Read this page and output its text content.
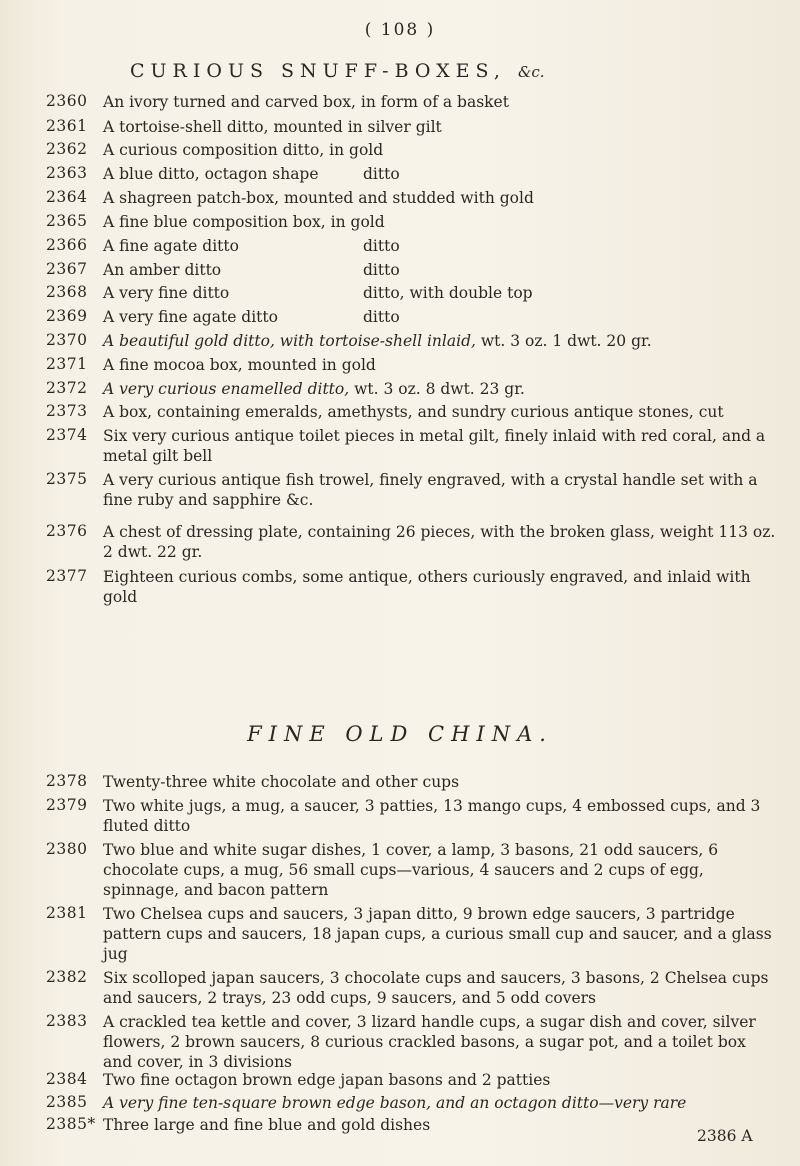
( 108 )
CURIOUS SNUFF-BOXES, &c.
2360	An ivory turned and carved box, in form of a basket
2361	A tortoise-shell ditto, mounted in silver gilt
2362	A curious composition ditto, in gold
2363	A blue ditto, octagon shape	ditto
2364	A shagreen patch-box, mounted and studded with gold
2365	A fine blue composition box, in gold
2366	A fine agate ditto	ditto
2367	An amber ditto	ditto
2368	A very fine ditto	ditto, with double top
2369	A very fine agate ditto	ditto
2370	A beautiful gold ditto, with tortoise-shell inlaid, wt. 3 oz. 1 dwt. 20 gr.
2371	A fine mocoa box, mounted in gold
2372	A very curious enamelled ditto, wt. 3 oz. 8 dwt. 23 gr.
2373	A box, containing emeralds, amethysts, and sundry curious antique stones, cut
2374	Six very curious antique toilet pieces in metal gilt, finely inlaid with red coral, and a metal gilt bell
2375	A very curious antique fish trowel, finely engraved, with a crystal handle set with a fine ruby and sapphire &c.
2376	A chest of dressing plate, containing 26 pieces, with the broken glass, weight 113 oz. 2 dwt. 22 gr.
2377	Eighteen curious combs, some antique, others curiously engraved, and inlaid with gold
2378	Twenty-three white chocolate and other cups
2379	Two white jugs, a mug, a saucer, 3 patties, 13 mango cups, 4 embossed cups, and 3 fluted ditto
2380	Two blue and white sugar dishes, 1 cover, a lamp, 3 basons, 21 odd saucers, 6 chocolate cups, a mug, 56 small cups—various, 4 saucers and 2 cups of egg, spinnage, and bacon pattern
2381	Two Chelsea cups and saucers, 3 japan ditto, 9 brown edge saucers, 3 partridge pattern cups and saucers, 18 japan cups, a curious small cup and saucer, and a glass jug
2382	Six scolloped japan saucers, 3 chocolate cups and saucers, 3 basons, 2 Chelsea cups and saucers, 2 trays, 23 odd cups, 9 saucers, and 5 odd covers
2383	A crackled tea kettle and cover, 3 lizard handle cups, a sugar dish and cover, silver flowers, 2 brown saucers, 8 curious crackled basons, a sugar pot, and a toilet box and cover, in 3 divisions
2384	Two fine octagon brown edge japan basons and 2 patties
2385	A very fine ten-square brown edge bason, and an octagon ditto—very rare
2385* Three large and fine blue and gold dishes
FINE OLD CHINA.
2386 A
